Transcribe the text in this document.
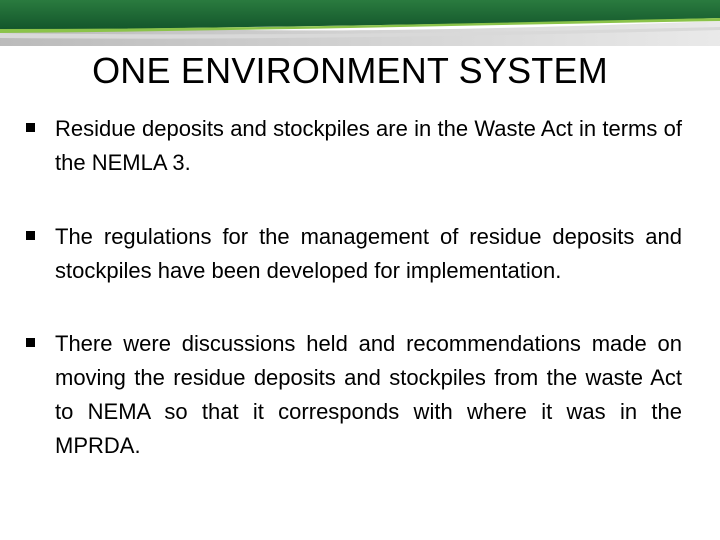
ONE ENVIRONMENT SYSTEM
Residue deposits and stockpiles are in the Waste Act in terms of the NEMLA 3.
The regulations for the management of residue deposits and stockpiles have been developed for implementation.
There were discussions held and recommendations made on moving the residue deposits and stockpiles from the waste Act to NEMA so that it corresponds with where it was in the MPRDA.
